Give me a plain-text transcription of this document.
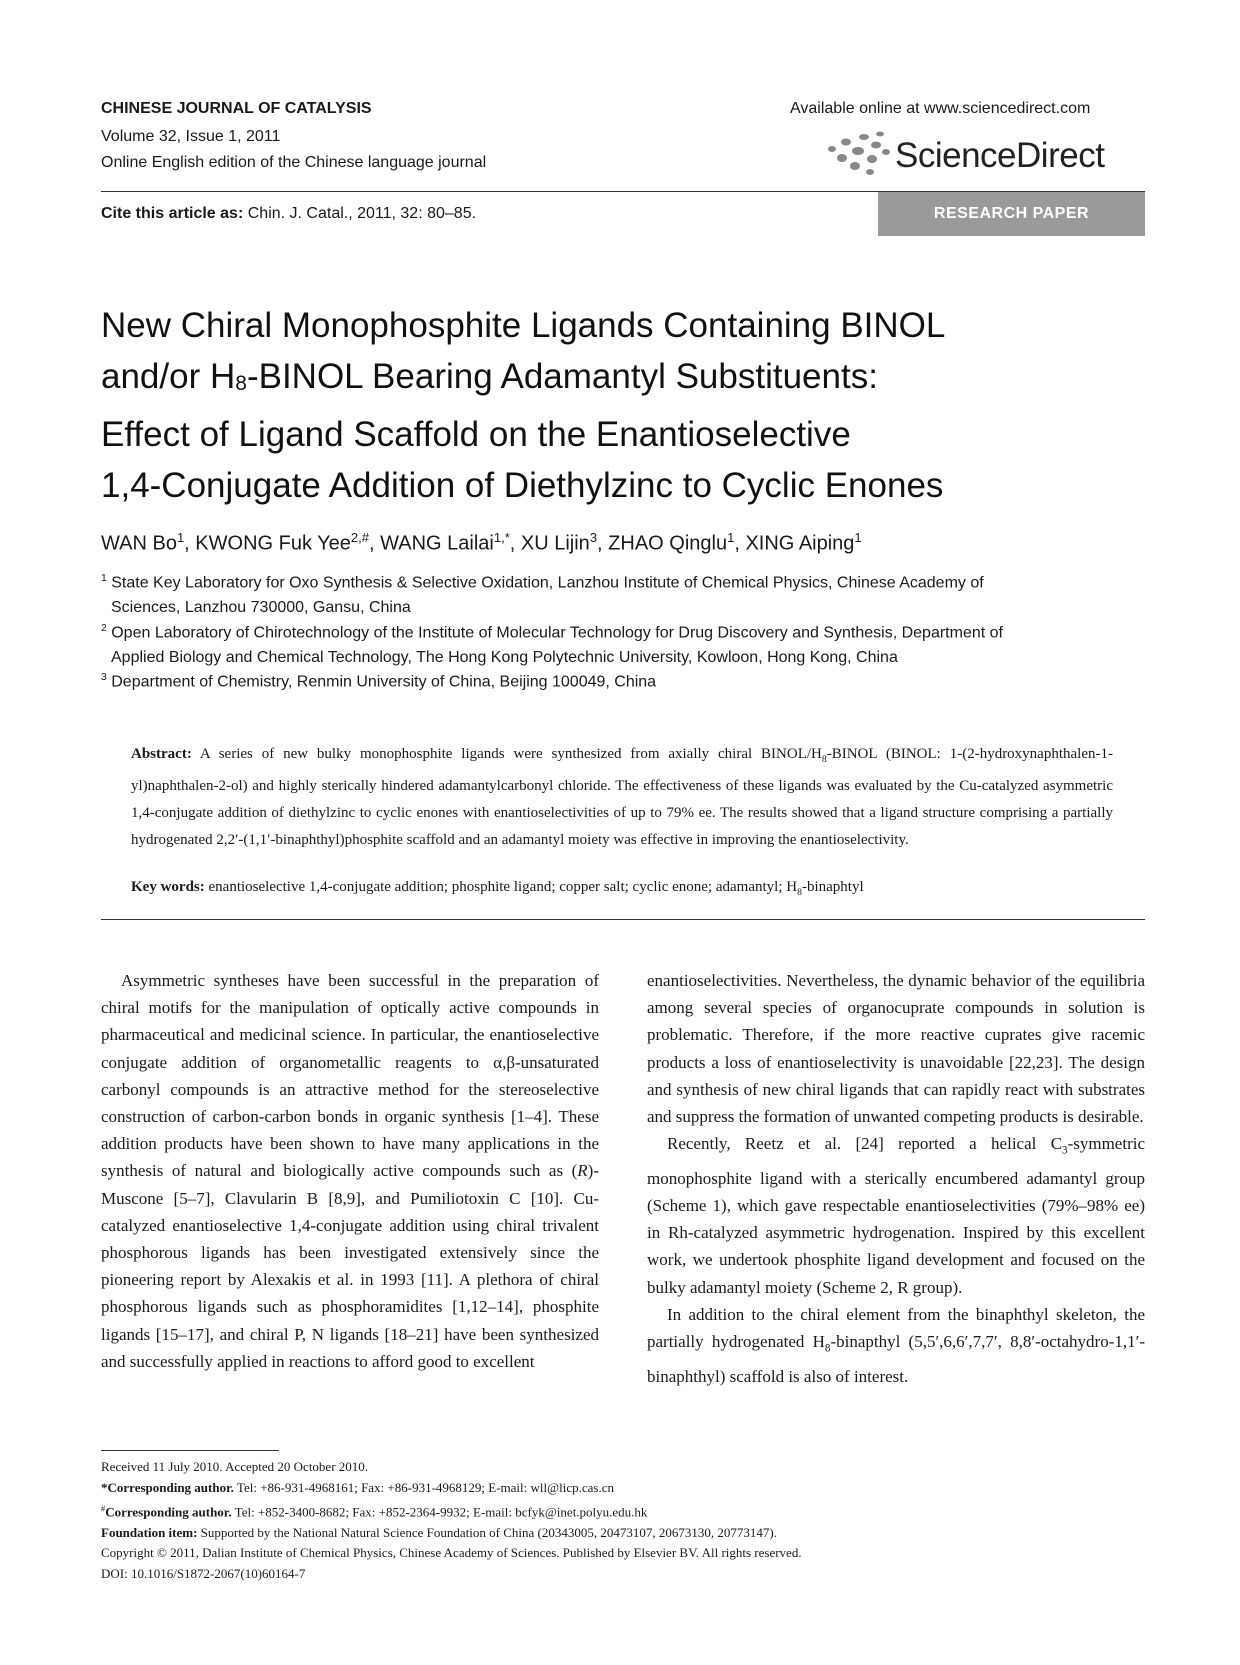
CHINESE JOURNAL OF CATALYSIS
Volume 32, Issue 1, 2011
Online English edition of the Chinese language journal
Available online at www.sciencedirect.com
ScienceDirect
Cite this article as: Chin. J. Catal., 2011, 32: 80–85.	RESEARCH PAPER
New Chiral Monophosphite Ligands Containing BINOL
and/or $H_8$-BINOL Bearing Adamantyl Substituents:
Effect of Ligand Scaffold on the Enantioselective
1,4-Conjugate Addition of Diethylzinc to Cyclic Enones
WAN Bo$^1$, KWONG Fuk Yee$^{2,\#}$, WANG Lailai$^{1,*}$, XU Lijin$^3$, ZHAO Qinglu$^1$, XING Aiping$^1$
$^1$ State Key Laboratory for Oxo Synthesis & Selective Oxidation, Lanzhou Institute of Chemical Physics, Chinese Academy of
Sciences, Lanzhou 730000, Gansu, China
$^2$ Open Laboratory of Chirotechnology of the Institute of Molecular Technology for Drug Discovery and Synthesis, Department of
Applied Biology and Chemical Technology, The Hong Kong Polytechnic University, Kowloon, Hong Kong, China
$^3$ Department of Chemistry, Renmin University of China, Beijing 100049, China
Abstract: A series of new bulky monophosphite ligands were synthesized from axially chiral BINOL/$H_8$-BINOL (BINOL: 1-(2-hydroxynaphthalen-1-yl)naphthalen-2-ol) and highly sterically hindered adamantylcarbonyl chloride. The effectiveness of these ligands was evaluated by the Cu-catalyzed asymmetric 1,4-conjugate addition of diethylzinc to cyclic enones with enantioselectivities of up to 79% ee. The results showed that a ligand structure comprising a partially hydrogenated 2,2′-(1,1′-binaphthyl)phosphite scaffold and an adamantyl moiety was effective in improving the enantioselectivity.
Key words: enantioselective 1,4-conjugate addition; phosphite ligand; copper salt; cyclic enone; adamantyl; $H_8$-binaphtyl

Asymmetric syntheses have been successful in the preparation of chiral motifs for the manipulation of optically active compounds in pharmaceutical and medicinal science. In particular, the enantioselective conjugate addition of organometallic reagents to α,β-unsaturated carbonyl compounds is an attractive method for the stereoselective construction of carbon-carbon bonds in organic synthesis [1–4]. These addition products have been shown to have many applications in the synthesis of natural and biologically active compounds such as (R)-Muscone [5–7], Clavularin B [8,9], and Pumiliotoxin C [10]. Cu-catalyzed enantioselective 1,4-conjugate addition using chiral trivalent phosphorous ligands has been investigated extensively since the pioneering report by Alexakis et al. in 1993 [11]. A plethora of chiral phosphorous ligands such as phosphoramidites [1,12–14], phosphite ligands [15–17], and chiral P, N ligands [18–21] have been synthesized and successfully applied in reactions to afford good to excellent

enantioselectivities. Nevertheless, the dynamic behavior of the equilibria among several species of organocuprate compounds in solution is problematic. Therefore, if the more reactive cuprates give racemic products a loss of enantioselectivity is unavoidable [22,23]. The design and synthesis of new chiral ligands that can rapidly react with substrates and suppress the formation of unwanted competing products is desirable.

Recently, Reetz et al. [24] reported a helical $C_3$-symmetric monophosphite ligand with a sterically encumbered adamantyl group (Scheme 1), which gave respectable enantioselectivities (79%–98% ee) in Rh-catalyzed asymmetric hydrogenation. Inspired by this excellent work, we undertook phosphite ligand development and focused on the bulky adamantyl moiety (Scheme 2, R group).

In addition to the chiral element from the binaphthyl skeleton, the partially hydrogenated $H_8$-binapthyl (5,5′,6,6′,7,7′, 8,8′-octahydro-1,1′-binaphthyl) scaffold is also of interest.

Received 11 July 2010. Accepted 20 October 2010.
*Corresponding author. Tel: +86-931-4968161; Fax: +86-931-4968129; E-mail: wll@licp.cas.cn
#Corresponding author. Tel: +852-3400-8682; Fax: +852-2364-9932; E-mail: bcfyk@inet.polyu.edu.hk
Foundation item: Supported by the National Natural Science Foundation of China (20343005, 20473107, 20673130, 20773147).
Copyright © 2011, Dalian Institute of Chemical Physics, Chinese Academy of Sciences. Published by Elsevier BV. All rights reserved.
DOI: 10.1016/S1872-2067(10)60164-7
